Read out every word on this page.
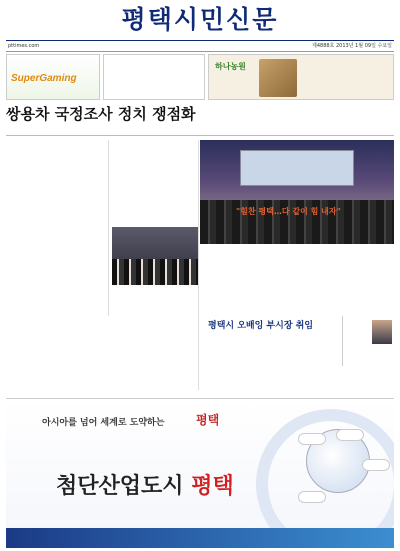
평택시민신문
pttimes.com	제4888호 2013년 1월 09일 수요일
SuperGaming
하나농원
쌍용차 국정조사 정치 쟁점화
"힘찬 평택…다 같이 힘 내자"
평택시 오배잉 부시장 취임
아시아를 넘어 세계로 도약하는	평택
첨단산업도시 평택
